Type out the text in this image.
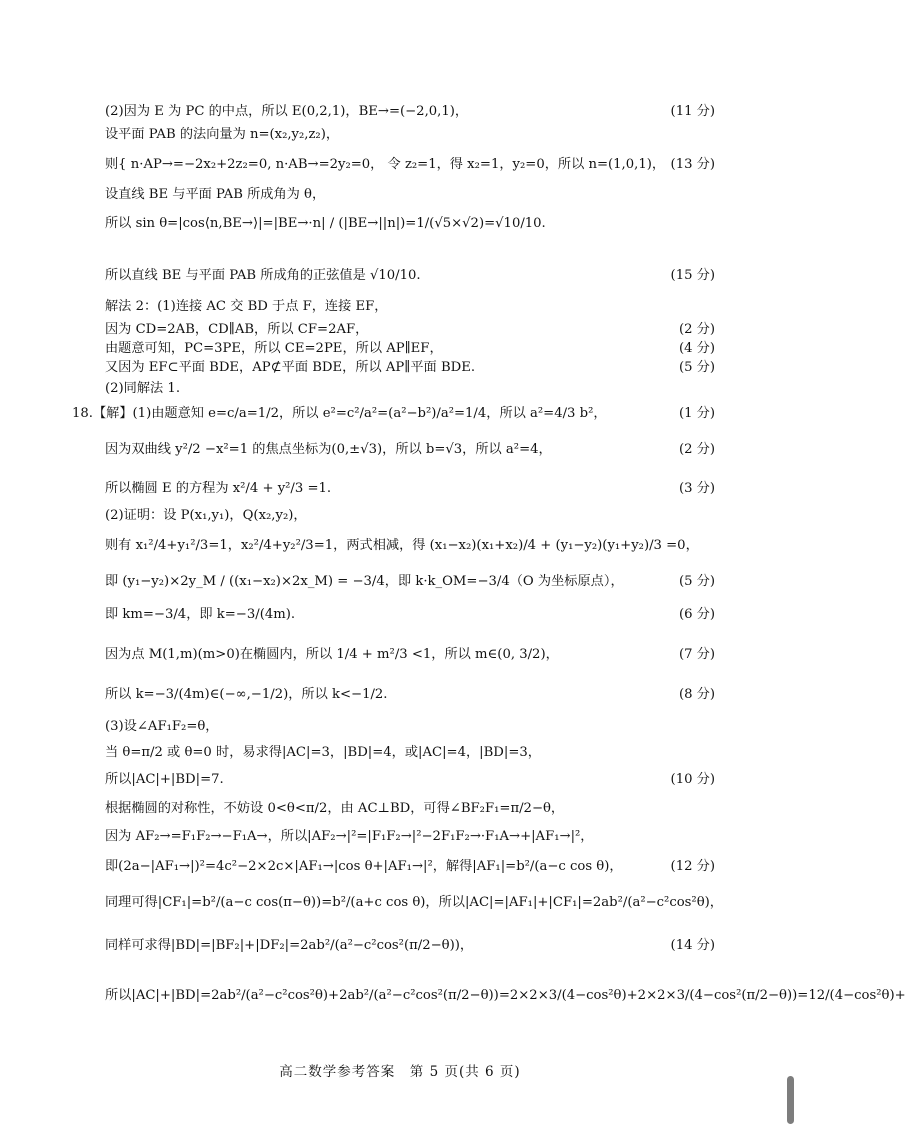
(2)因为 E 为 PC 的中点，所以 E(0,2,1)，BE→=(−2,0,1)，	(11 分)
设平面 PAB 的法向量为 n=(x₂,y₂,z₂)，
则{ n·AP→=−2x₂+2z₂=0, n·AB→=2y₂=0， 令 z₂=1，得 x₂=1，y₂=0，所以 n=(1,0,1)， (13 分)
设直线 BE 与平面 PAB 所成角为 θ，
所以 sin θ=|cos⟨n,BE→⟩|=|BE→·n| / (|BE→||n|)=1/(√5×√2)=√10/10.
所以直线 BE 与平面 PAB 所成角的正弦值是 √10/10.	(15 分)
解法 2：(1)连接 AC 交 BD 于点 F，连接 EF，
因为 CD=2AB，CD∥AB，所以 CF=2AF，	(2 分)
由题意可知，PC=3PE，所以 CE=2PE，所以 AP∥EF，	(4 分)
又因为 EF⊂平面 BDE，AP⊄平面 BDE，所以 AP∥平面 BDE.	(5 分)
(2)同解法 1.
18.【解】(1)由题意知 e=c/a=1/2，所以 e²=c²/a²=(a²−b²)/a²=1/4，所以 a²=4/3 b²，	(1 分)
因为双曲线 y²/2 −x²=1 的焦点坐标为(0,±√3)，所以 b=√3，所以 a²=4，	(2 分)
所以椭圆 E 的方程为 x²/4 + y²/3 =1.	(3 分)
(2)证明：设 P(x₁,y₁)，Q(x₂,y₂)，
则有 x₁²/4+y₁²/3=1，x₂²/4+y₂²/3=1，两式相减，得 (x₁−x₂)(x₁+x₂)/4 + (y₁−y₂)(y₁+y₂)/3 =0，
即 (y₁−y₂)×2y_M / ((x₁−x₂)×2x_M) = −3/4，即 k·k_OM=−3/4（O 为坐标原点），	(5 分)
即 km=−3/4，即 k=−3/(4m).	(6 分)
因为点 M(1,m)(m>0)在椭圆内，所以 1/4 + m²/3 <1，所以 m∈(0, 3/2)，	(7 分)
所以 k=−3/(4m)∈(−∞,−1/2)，所以 k<−1/2.	(8 分)
(3)设∠AF₁F₂=θ，
当 θ=π/2 或 θ=0 时，易求得|AC|=3，|BD|=4，或|AC|=4，|BD|=3，
所以|AC|+|BD|=7.	(10 分)
根据椭圆的对称性，不妨设 0<θ<π/2，由 AC⊥BD，可得∠BF₂F₁=π/2−θ，
因为 AF₂→=F₁F₂→−F₁A→，所以|AF₂→|²=|F₁F₂→|²−2F₁F₂→·F₁A→+|AF₁→|²，
即(2a−|AF₁→|)²=4c²−2×2c×|AF₁→|cos θ+|AF₁→|²，解得|AF₁|=b²/(a−c cos θ)，	(12 分)
同理可得|CF₁|=b²/(a−c cos(π−θ))=b²/(a+c cos θ)，所以|AC|=|AF₁|+|CF₁|=2ab²/(a²−c²cos²θ)，
同样可求得|BD|=|BF₂|+|DF₂|=2ab²/(a²−c²cos²(π/2−θ))，	(14 分)
所以|AC|+|BD|=2ab²/(a²−c²cos²θ)+2ab²/(a²−c²cos²(π/2−θ))=2×2×3/(4−cos²θ)+2×2×3/(4−cos²(π/2−θ))=12/(4−cos²θ)+
高二数学参考答案　第 5 页(共 6 页)
